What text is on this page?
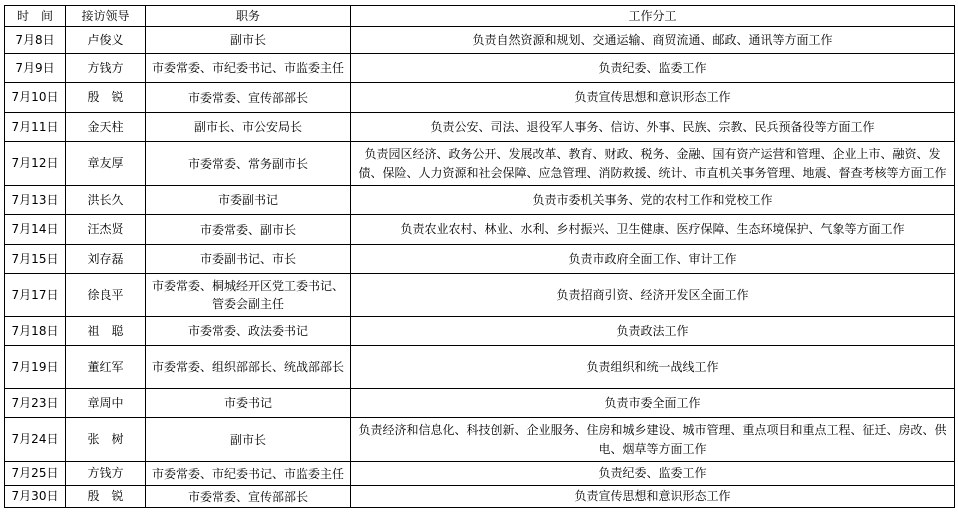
时　间	接访领导	职务	工作分工
7月8日	卢俊义	副市长	负责自然资源和规划、交通运输、商贸流通、邮政、通讯等方面工作
7月9日	方钱方	市委常委、市纪委书记、市监委主任	负责纪委、监委工作
7月10日	殷　锐	市委常委、宣传部部长	负责宣传思想和意识形态工作
7月11日	金天柱	副市长、市公安局长	负责公安、司法、退役军人事务、信访、外事、民族、宗教、民兵预备役等方面工作
7月12日	章友厚	市委常委、常务副市长	负责园区经济、政务公开、发展改革、教育、财政、税务、金融、国有资产运营和管理、企业上市、融资、发债、保险、人力资源和社会保障、应急管理、消防救援、统计、市直机关事务管理、地震、督查考核等方面工作
7月13日	洪长久	市委副书记	负责市委机关事务、党的农村工作和党校工作
7月14日	汪杰贤	市委常委、副市长	负责农业农村、林业、水利、乡村振兴、卫生健康、医疗保障、生态环境保护、气象等方面工作
7月15日	刘存磊	市委副书记、市长	负责市政府全面工作、审计工作
7月17日	徐良平	市委常委、桐城经开区党工委书记、管委会副主任	负责招商引资、经济开发区全面工作
7月18日	祖　聪	市委常委、政法委书记	负责政法工作
7月19日	董红军	市委常委、组织部部长、统战部部长	负责组织和统一战线工作
7月23日	章周中	市委书记	负责市委全面工作
7月24日	张　树	副市长	负责经济和信息化、科技创新、企业服务、住房和城乡建设、城市管理、重点项目和重点工程、征迁、房改、供电、烟草等方面工作
7月25日	方钱方	市委常委、市纪委书记、市监委主任	负责纪委、监委工作
7月30日	殷　锐	市委常委、宣传部部长	负责宣传思想和意识形态工作
